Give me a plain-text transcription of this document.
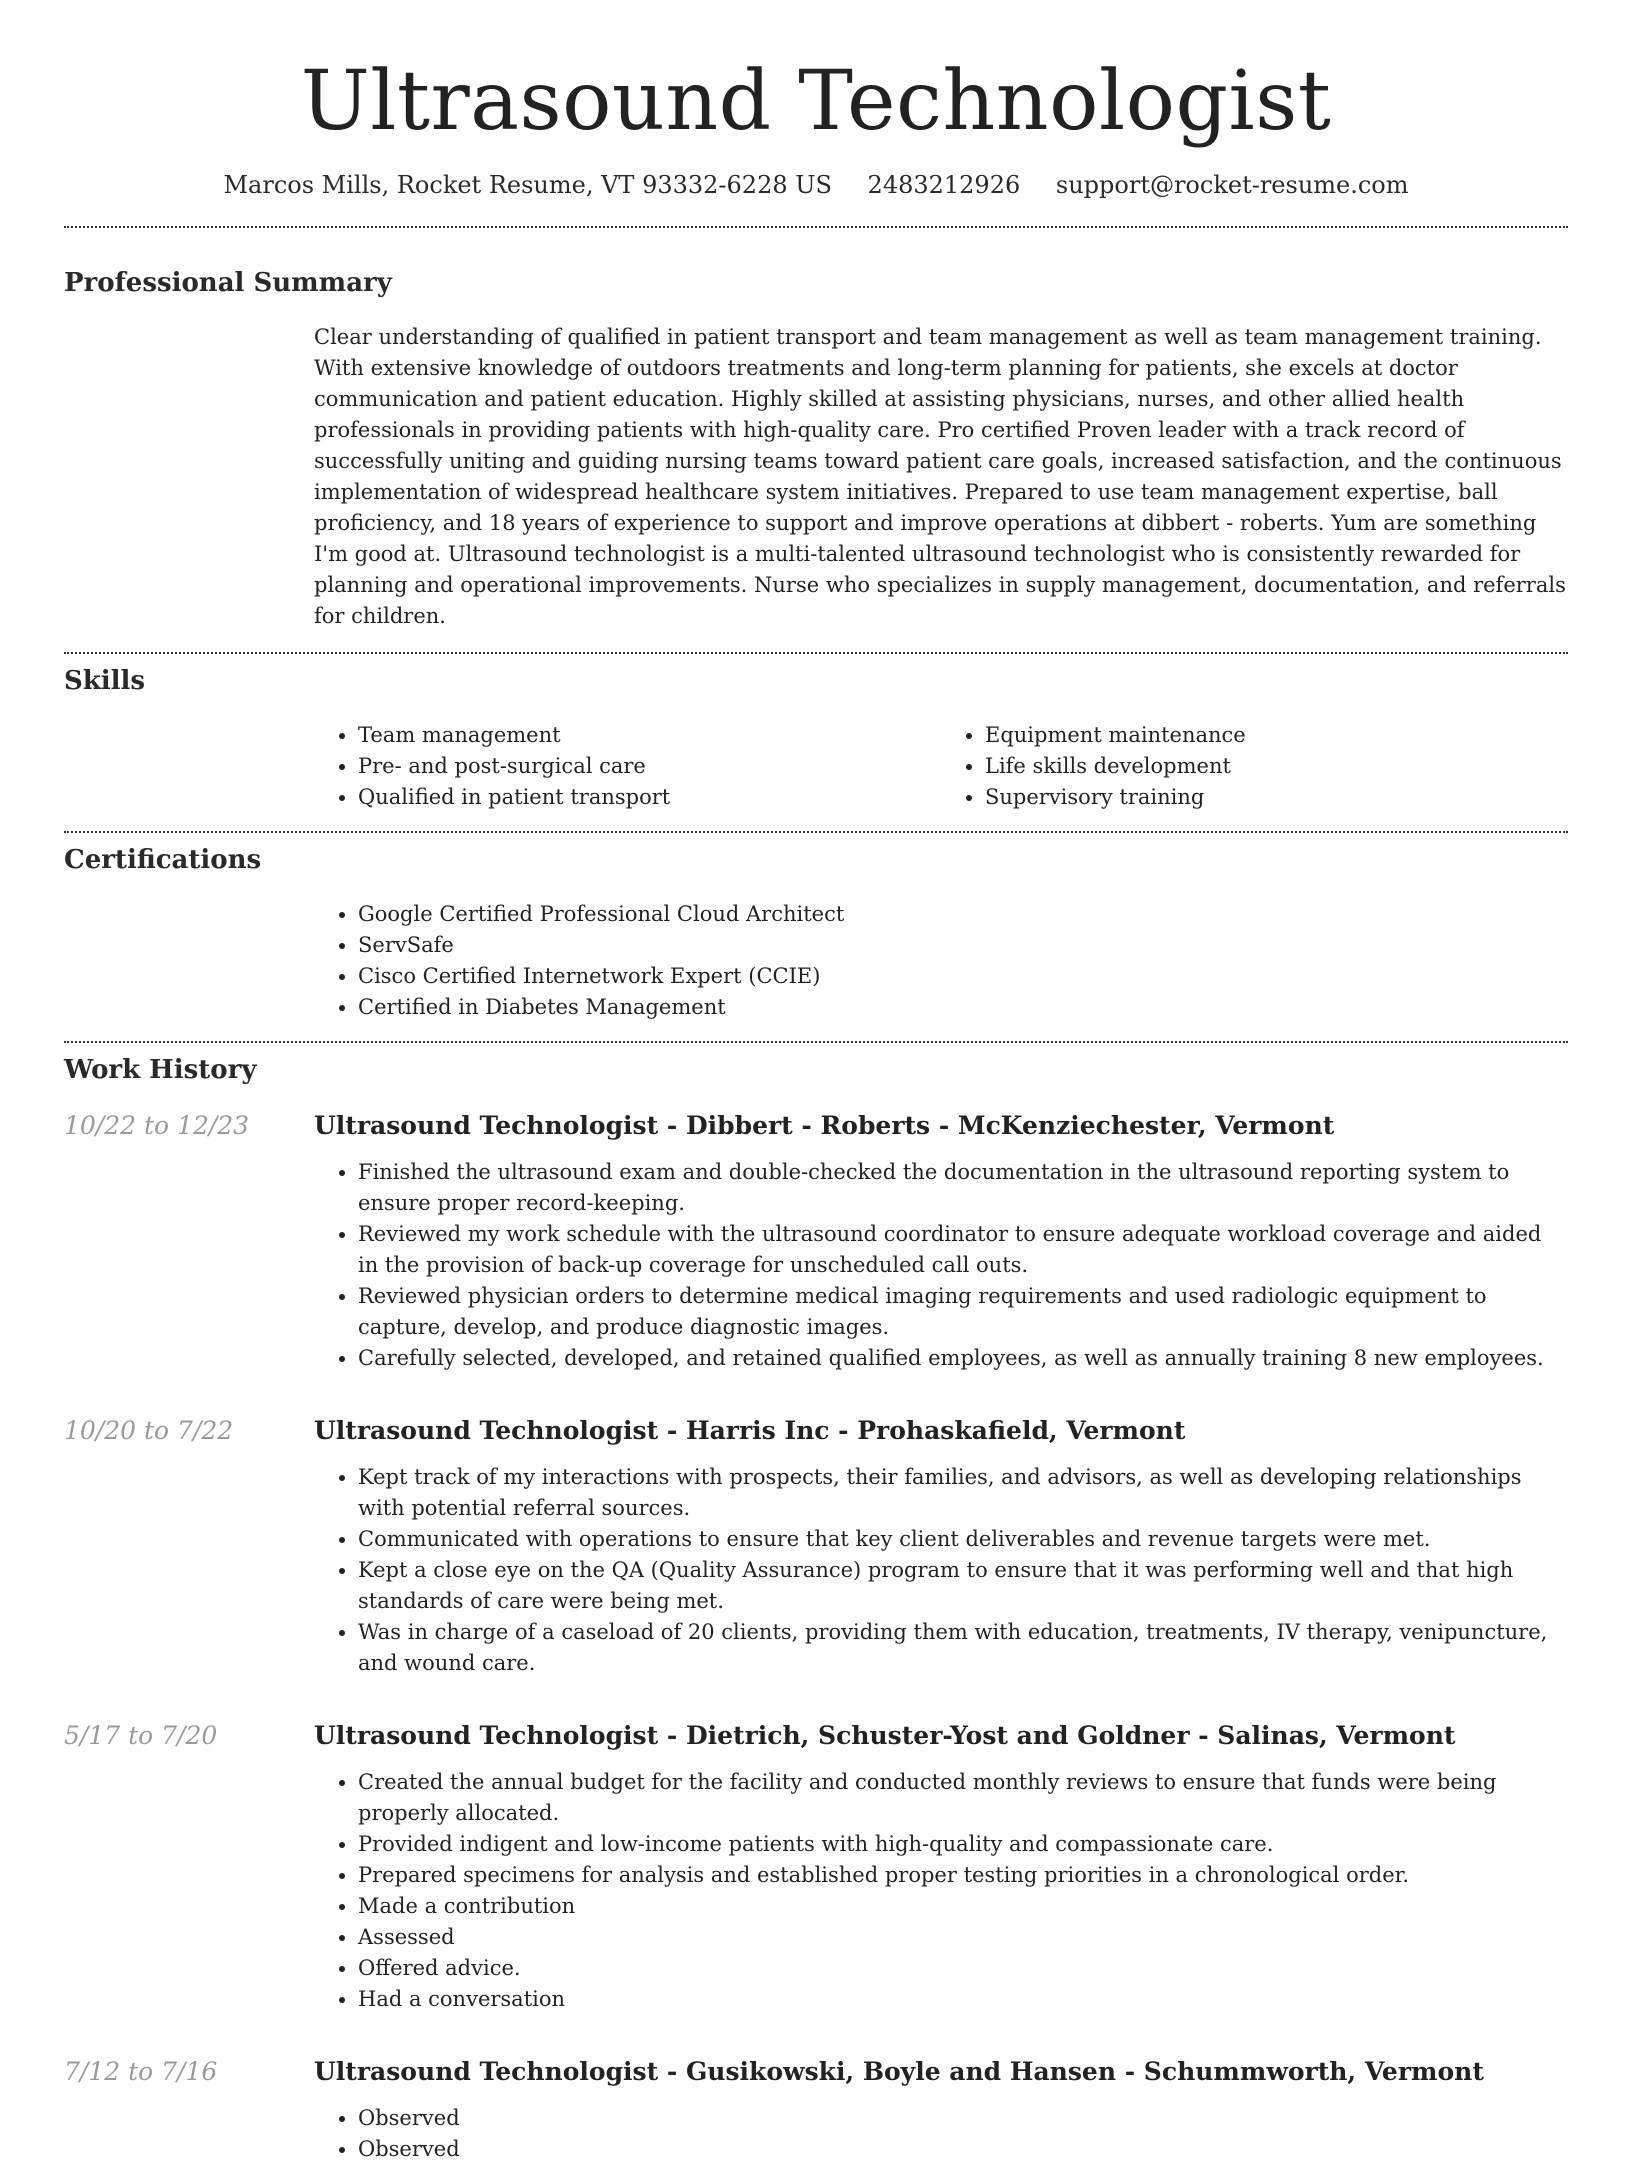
Ultrasound Technologist
Marcos Mills, Rocket Resume, VT 93332-6228 US 2483212926 support@rocket-resume.com
Professional Summary

Clear understanding of qualified in patient transport and team management as well as team management training. With extensive knowledge of outdoors treatments and long-term planning for patients, she excels at doctor communication and patient education. Highly skilled at assisting physicians, nurses, and other allied health professionals in providing patients with high-quality care. Pro certified Proven leader with a track record of successfully uniting and guiding nursing teams toward patient care goals, increased satisfaction, and the continuous implementation of widespread healthcare system initiatives. Prepared to use team management expertise, ball proficiency, and 18 years of experience to support and improve operations at dibbert - roberts. Yum are something I'm good at. Ultrasound technologist is a multi-talented ultrasound technologist who is consistently rewarded for planning and operational improvements. Nurse who specializes in supply management, documentation, and referrals for children.

Skills
• Team management
• Pre- and post-surgical care
• Qualified in patient transport
• Equipment maintenance
• Life skills development
• Supervisory training
Certifications
• Google Certified Professional Cloud Architect
• ServSafe
• Cisco Certified Internetwork Expert (CCIE)
• Certified in Diabetes Management
Work History
10/22 to 12/23	Ultrasound Technologist - Dibbert - Roberts - McKenziechester, Vermont
• Finished the ultrasound exam and double-checked the documentation in the ultrasound reporting system to ensure proper record-keeping.
• Reviewed my work schedule with the ultrasound coordinator to ensure adequate workload coverage and aided in the provision of back-up coverage for unscheduled call outs.
• Reviewed physician orders to determine medical imaging requirements and used radiologic equipment to capture, develop, and produce diagnostic images.
• Carefully selected, developed, and retained qualified employees, as well as annually training 8 new employees.
10/20 to 7/22	Ultrasound Technologist - Harris Inc - Prohaskafield, Vermont
• Kept track of my interactions with prospects, their families, and advisors, as well as developing relationships with potential referral sources.
• Communicated with operations to ensure that key client deliverables and revenue targets were met.
• Kept a close eye on the QA (Quality Assurance) program to ensure that it was performing well and that high standards of care were being met.
• Was in charge of a caseload of 20 clients, providing them with education, treatments, IV therapy, venipuncture, and wound care.
5/17 to 7/20	Ultrasound Technologist - Dietrich, Schuster-Yost and Goldner - Salinas, Vermont
• Created the annual budget for the facility and conducted monthly reviews to ensure that funds were being properly allocated.
• Provided indigent and low-income patients with high-quality and compassionate care.
• Prepared specimens for analysis and established proper testing priorities in a chronological order.
• Made a contribution
• Assessed
• Offered advice.
• Had a conversation
7/12 to 7/16	Ultrasound Technologist - Gusikowski, Boyle and Hansen - Schummworth, Vermont
• Observed
• Observed
